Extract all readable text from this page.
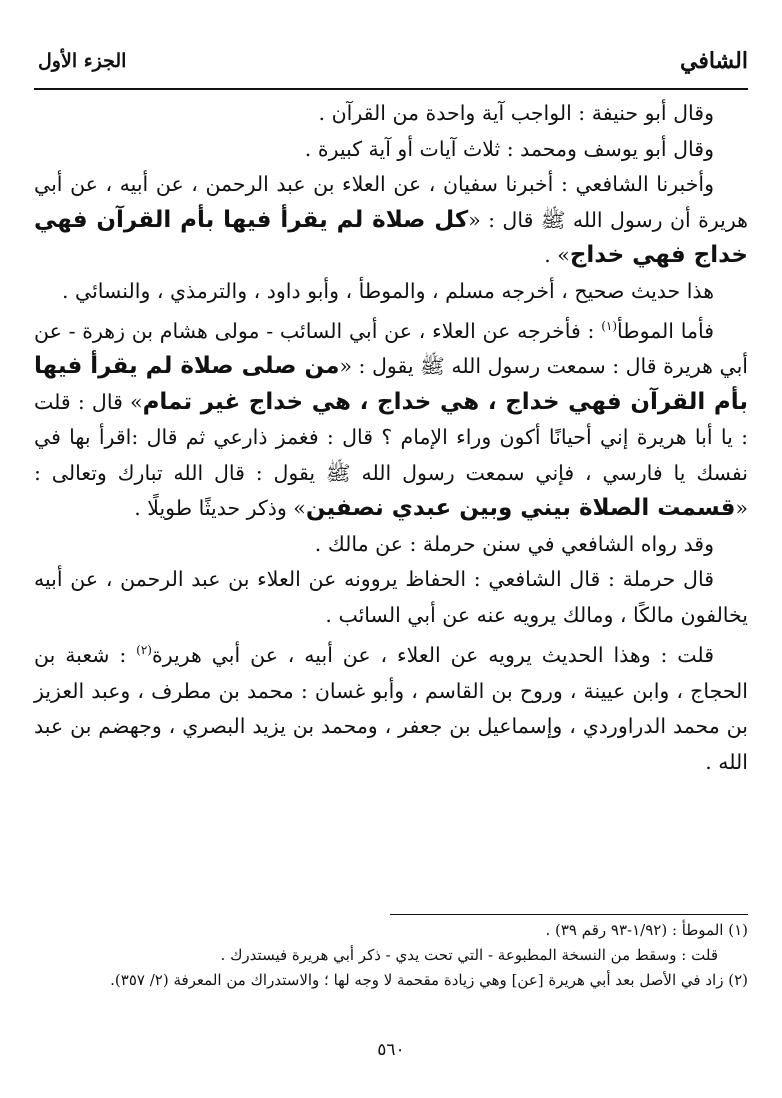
الشافي
الجزء الأول

وقال أبو حنيفة : الواجب آية واحدة من القرآن .

وقال أبو يوسف ومحمد : ثلاث آيات أو آية كبيرة .

وأخبرنا الشافعي : أخبرنا سفيان ، عن العلاء بن عبد الرحمن ، عن أبيه ، عن أبي هريرة أن رسول الله ﷺ قال : «كل صلاة لم يقرأ فيها بأم القرآن فهي خداج فهي خداج» .

هذا حديث صحيح ، أخرجه مسلم ، والموطأ ، وأبو داود ، والترمذي ، والنسائي .

فأما الموطأ$^{(١)}$ : فأخرجه عن العلاء ، عن أبي السائب - مولى هشام بن زهرة - عن أبي هريرة قال : سمعت رسول الله ﷺ يقول : «من صلى صلاة لم يقرأ فيها بأم القرآن فهي خداج ، هي خداج ، هي خداج غير تمام» قال : قلت : يا أبا هريرة إني أحيانًا أكون وراء الإمام ؟ قال : فغمز ذارعي ثم قال :اقرأ بها في نفسك يا فارسي ، فإني سمعت رسول الله ﷺ يقول : قال الله تبارك وتعالى : «قسمت الصلاة بيني وبين عبدي نصفين» وذكر حديثًا طويلًا .

وقد رواه الشافعي في سنن حرملة : عن مالك .

قال حرملة : قال الشافعي : الحفاظ يروونه عن العلاء بن عبد الرحمن ، عن أبيه يخالفون مالكًا ، ومالك يرويه عنه عن أبي السائب .

قلت : وهذا الحديث يرويه عن العلاء ، عن أبيه ، عن أبي هريرة$^{(٢)}$ : شعبة بن الحجاج ، وابن عيينة ، وروح بن القاسم ، وأبو غسان : محمد بن مطرف ، وعبد العزيز بن محمد الدراوردي ، وإسماعيل بن جعفر ، ومحمد بن يزيد البصري ، وجهضم بن عبد الله .

(١) الموطأ : (١/٩٢-٩٣ رقم ٣٩) .

قلت : وسقط من النسخة المطبوعة - التي تحت يدي - ذكر أبي هريرة فيستدرك .

(٢) زاد في الأصل بعد أبي هريرة [عن] وهي زيادة مقحمة لا وجه لها ؛ والاستدراك من المعرفة (٢/ ٣٥٧).

٥٦٠
